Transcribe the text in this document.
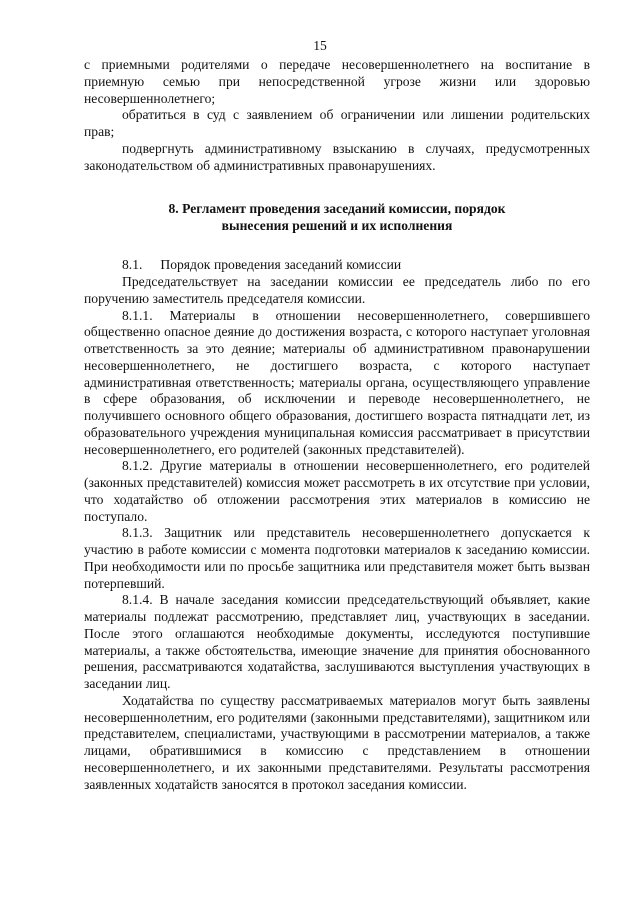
15

с приемными родителями о передаче несовершеннолетнего на воспитание в приемную семью при непосредственной угрозе жизни или здоровью несовершеннолетнего;

обратиться в суд с заявлением об ограничении или лишении родительских прав;

подвергнуть административному взысканию в случаях, предусмотренных законодательством об административных правонарушениях.

8. Регламент проведения заседаний комиссии, порядок
вынесения решений и их исполнения

8.1.     Порядок проведения заседаний комиссии

Председательствует на заседании комиссии ее председатель либо по его поручению заместитель председателя комиссии.

8.1.1. Материалы в отношении несовершеннолетнего, совершившего общественно опасное деяние до достижения возраста, с которого наступает уголовная ответственность за это деяние; материалы об административном правонарушении несовершеннолетнего, не достигшего возраста, с которого наступает административная ответственность; материалы органа, осуществляющего управление в сфере образования, об исключении и переводе несовершеннолетнего, не получившего основного общего образования, достигшего возраста пятнадцати лет, из образовательного учреждения муниципальная комиссия рассматривает в присутствии несовершеннолетнего, его родителей (законных представителей).

8.1.2. Другие материалы в отношении несовершеннолетнего, его родителей (законных представителей) комиссия может рассмотреть в их отсутствие при условии, что ходатайство об отложении рассмотрения этих материалов в комиссию не поступало.

8.1.3. Защитник или представитель несовершеннолетнего допускается к участию в работе комиссии с момента подготовки материалов к заседанию комиссии. При необходимости или по просьбе защитника или представителя может быть вызван потерпевший.

8.1.4. В начале заседания комиссии председательствующий объявляет, какие материалы подлежат рассмотрению, представляет лиц, участвующих в заседании. После этого оглашаются необходимые документы, исследуются поступившие материалы, а также обстоятельства, имеющие значение для принятия обоснованного решения, рассматриваются ходатайства, заслушиваются выступления участвующих в заседании лиц.

Ходатайства по существу рассматриваемых материалов могут быть заявлены несовершеннолетним, его родителями (законными представителями), защитником или представителем, специалистами, участвующими в рассмотрении материалов, а также лицами, обратившимися в комиссию с представлением в отношении несовершеннолетнего, и их законными представителями. Результаты рассмотрения заявленных ходатайств заносятся в протокол заседания комиссии.
